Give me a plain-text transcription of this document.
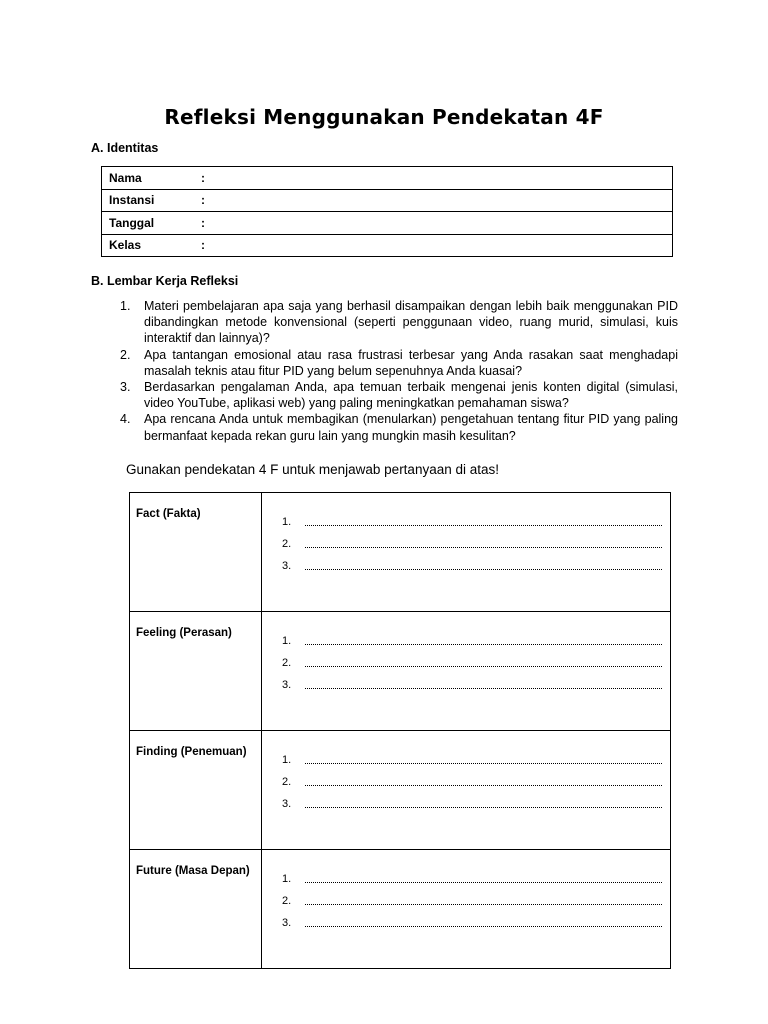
Refleksi Menggunakan Pendekatan 4F
A. Identitas
Nama	:
Instansi	:
Tanggal	:
Kelas	:
B. Lembar Kerja Refleksi
1. Materi pembelajaran apa saja yang berhasil disampaikan dengan lebih baik menggunakan PID dibandingkan metode konvensional (seperti penggunaan video, ruang murid, simulasi, kuis interaktif dan lainnya)?
2. Apa tantangan emosional atau rasa frustrasi terbesar yang Anda rasakan saat menghadapi masalah teknis atau fitur PID yang belum sepenuhnya Anda kuasai?
3. Berdasarkan pengalaman Anda, apa temuan terbaik mengenai jenis konten digital (simulasi, video YouTube, aplikasi web) yang paling meningkatkan pemahaman siswa?
4. Apa rencana Anda untuk membagikan (menularkan) pengetahuan tentang fitur PID yang paling bermanfaat kepada rekan guru lain yang mungkin masih kesulitan?
Gunakan pendekatan 4 F untuk menjawab pertanyaan di atas!
Fact (Fakta)	1.
2.
3.

Feeling (Perasan)	1.
2.
3.

Finding (Penemuan)	1.
2.
3.

Future (Masa Depan)	1.
2.
3.
